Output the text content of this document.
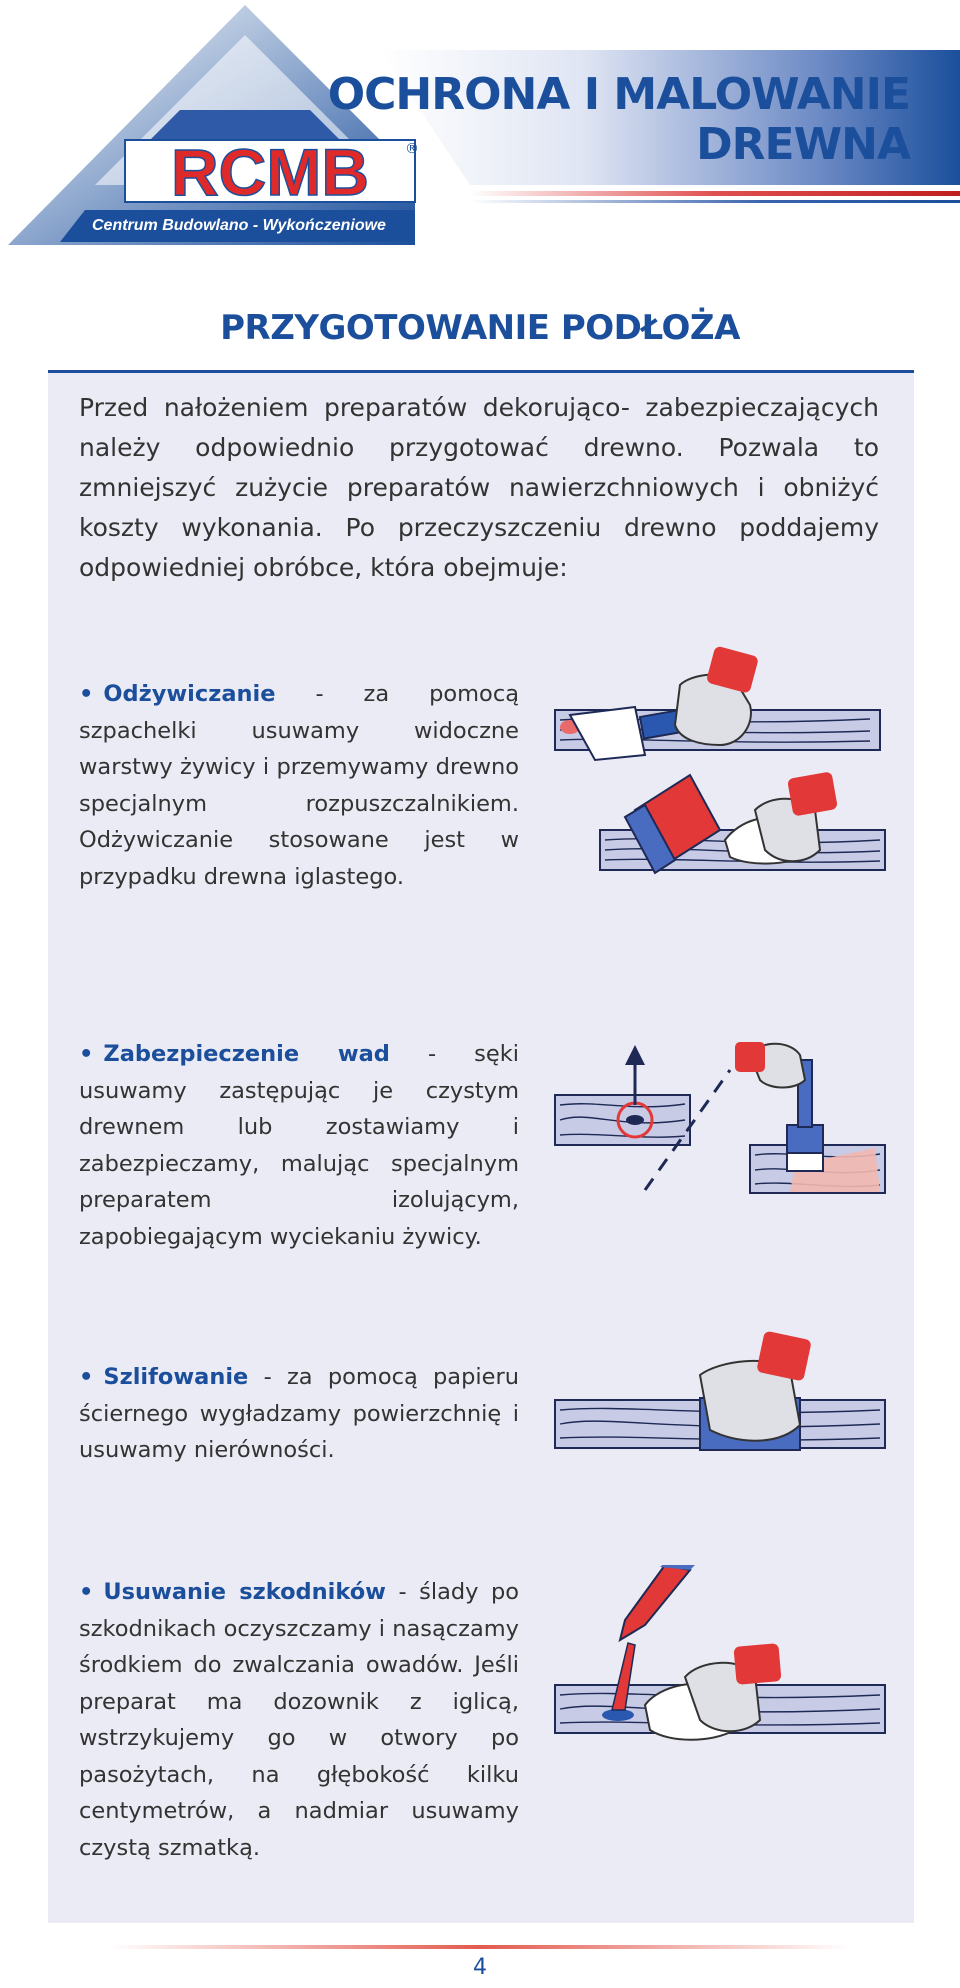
RCMB	®
Centrum Budowlano - Wykończeniowe
OCHRONA I MALOWANIE
DREWNA
PRZYGOTOWANIE PODŁOŻA
Przed nałożeniem preparatów dekorująco- zabezpieczających należy odpowiednio przygotować drewno. Pozwala to zmniejszyć zużycie preparatów nawierzchniowych i obniżyć koszty wykonania. Po przeczyszczeniu drewno poddajemy odpowiedniej obróbce, która obejmuje:
• Odżywiczanie - za pomocą szpachelki usuwamy widoczne warstwy żywicy i przemywamy drewno specjalnym rozpuszczalnikiem. Odżywiczanie stosowane jest w przypadku drewna iglastego.
• Zabezpieczenie wad - sęki usuwamy zastępując je czystym drewnem lub zostawiamy i zabezpieczamy, malując specjalnym preparatem izolującym, zapobiegającym wyciekaniu żywicy.
• Szlifowanie - za pomocą papieru ściernego wygładzamy powierzchnię i usuwamy nierówności.
• Usuwanie szkodników - ślady po szkodnikach oczyszczamy i nasączamy środkiem do zwalczania owadów. Jeśli preparat ma dozownik z iglicą, wstrzykujemy go w otwory po pasożytach, na głębokość kilku centymetrów, a nadmiar usuwamy czystą szmatką.
4
